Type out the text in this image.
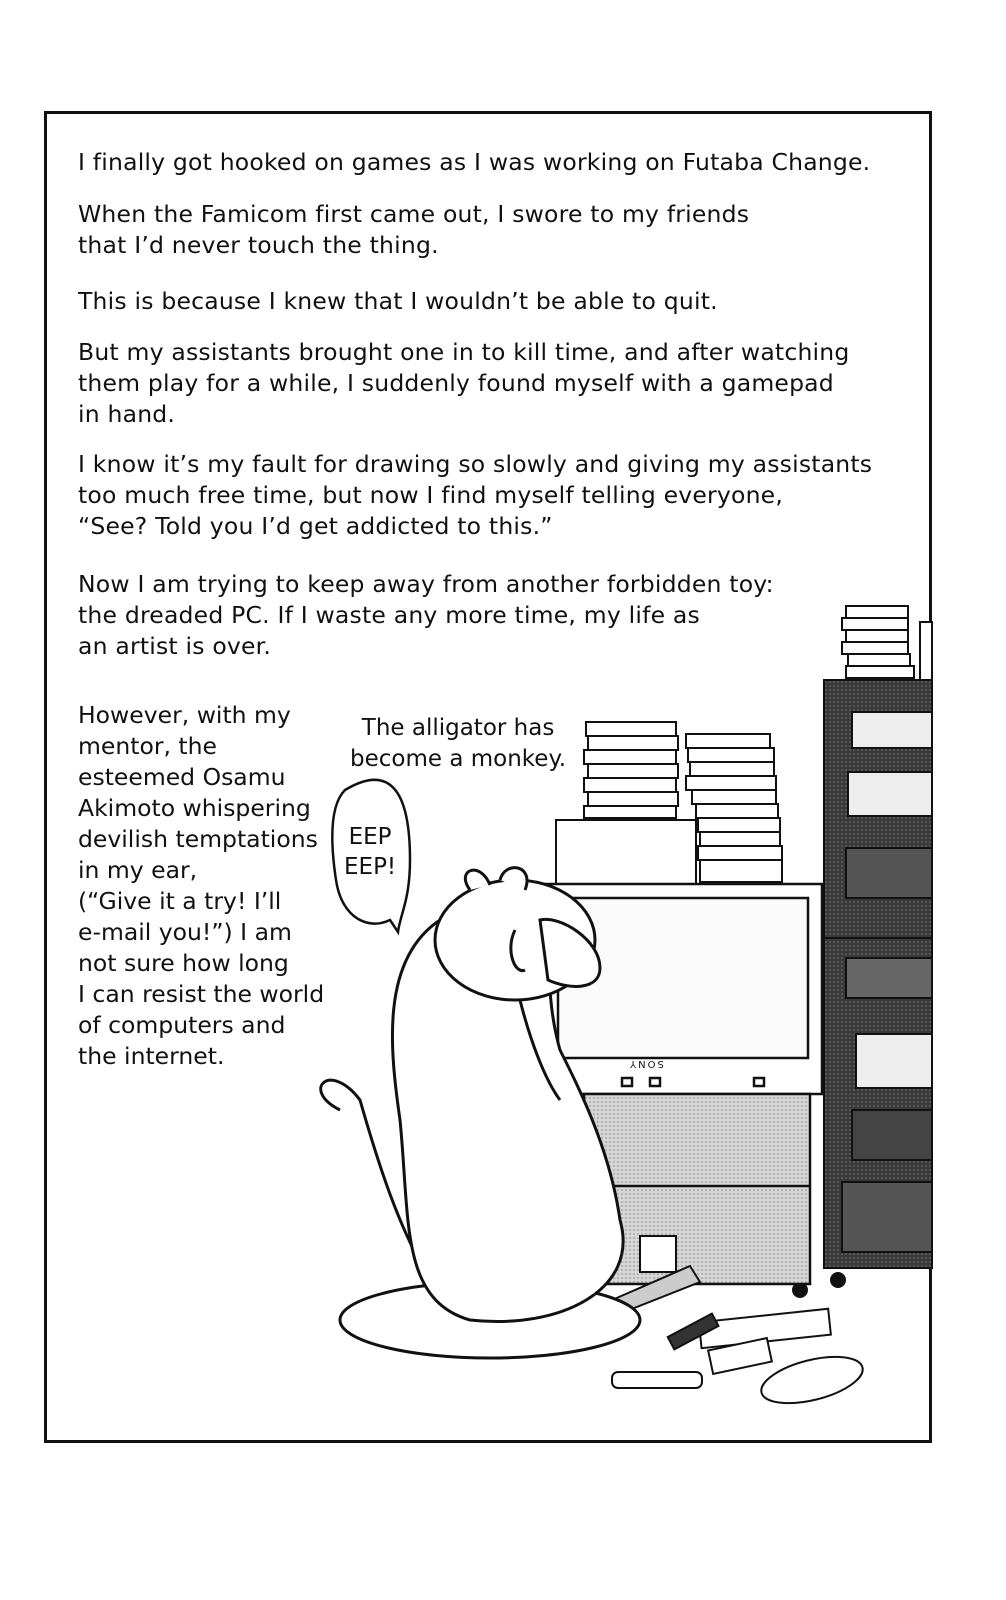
I finally got hooked on games as I was working on Futaba Change.

When the Famicom first came out, I swore to my friends
that I’d never touch the thing.

This is because I knew that I wouldn’t be able to quit.

But my assistants brought one in to kill time, and after watching
them play for a while, I suddenly found myself with a gamepad
in hand.

I know it’s my fault for drawing so slowly and giving my assistants
too much free time, but now I find myself telling everyone,
“See? Told you I’d get addicted to this.”

Now I am trying to keep away from another forbidden toy:
the dreaded PC. If I waste any more time, my life as
an artist is over.

However, with my
mentor, the
esteemed Osamu
Akimoto whispering
devilish temptations
in my ear,
(“Give it a try! I’ll
e-mail you!”) I am
not sure how long
I can resist the world
of computers and
the internet.

The alligator has
become a monkey.
EEP
EEP!
SONY
